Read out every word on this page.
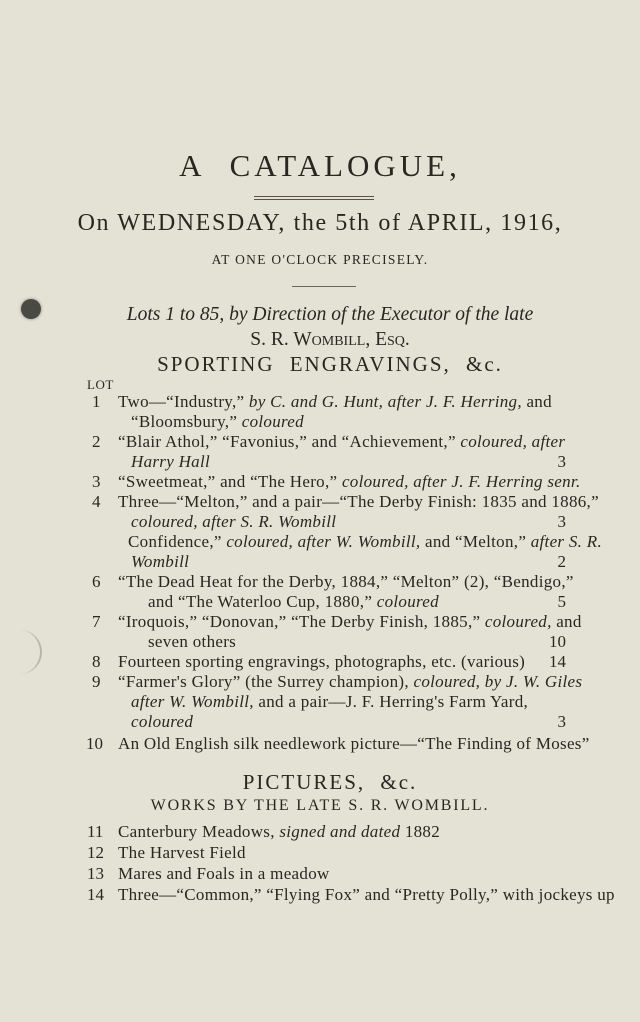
A CATALOGUE,
On WEDNESDAY, the 5th of APRIL, 1916,
AT ONE O'CLOCK PRECISELY.
Lots 1 to 85, by Direction of the Executor of the late
S. R. Wombill, Esq.
SPORTING ENGRAVINGS, &c.
LOT
1 Two—“Industry,” by C. and G. Hunt, after J. F. Herring, and
“Bloomsbury,” coloured
2 “Blair Athol,” “Favonius,” and “Achievement,” coloured, after
Harry Hall	3
3 “Sweetmeat,” and “The Hero,” coloured, after J. F. Herring senr.
4 Three—“Melton,” and a pair—“The Derby Finish: 1835 and 1886,”
coloured, after S. R. Wombill	3
Confidence,” coloured, after W. Wombill, and “Melton,” after S. R.
Wombill	2
6 “The Dead Heat for the Derby, 1884,” “Melton” (2), “Bendigo,”
and “The Waterloo Cup, 1880,” coloured	5
7 “Iroquois,” “Donovan,” “The Derby Finish, 1885,” coloured, and
seven others	10
8 Fourteen sporting engravings, photographs, etc. (various) 14
9 “Farmer's Glory” (the Surrey champion), coloured, by J. W. Giles
after W. Wombill, and a pair—J. F. Herring's Farm Yard,
coloured	3
10 An Old English silk needlework picture—“The Finding of Moses”
PICTURES, &c.
WORKS BY THE LATE S. R. WOMBILL.
11 Canterbury Meadows, signed and dated 1882
12 The Harvest Field
13 Mares and Foals in a meadow
14 Three—“Common,” “Flying Fox” and “Pretty Polly,” with jockeys up
